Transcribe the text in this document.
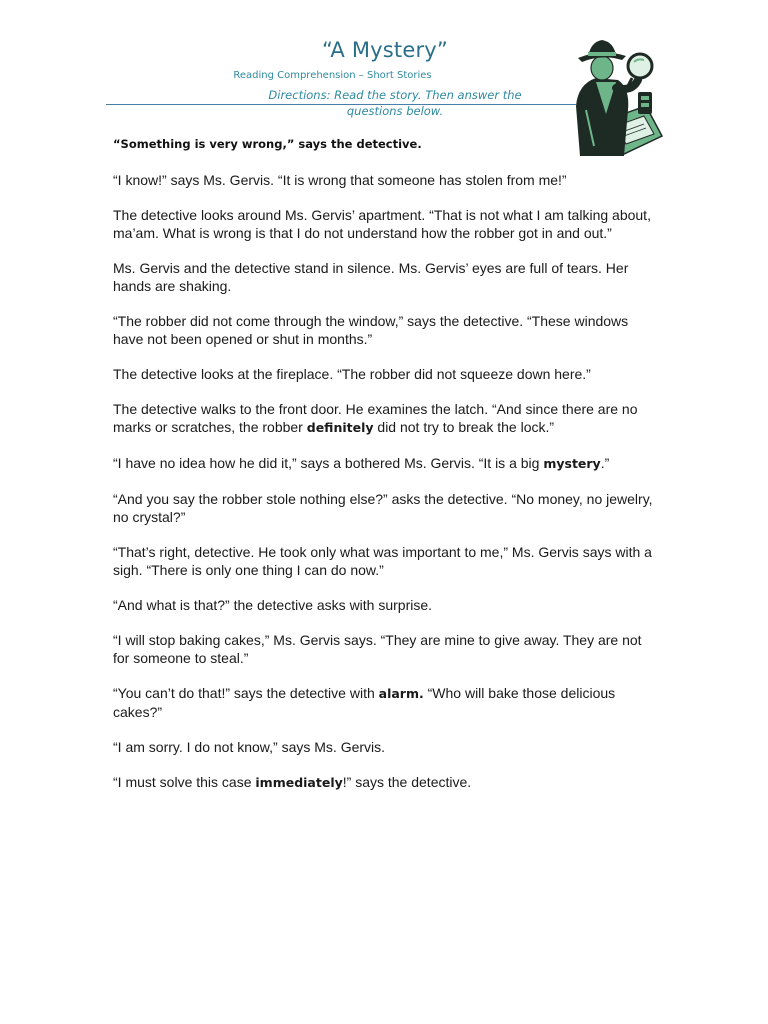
“A Mystery”
Reading Comprehension – Short Stories
Directions: Read the story. Then answer the questions below.
“Something is very wrong,” says the detective.

“I know!” says Ms. Gervis. “It is wrong that someone has stolen from me!”

The detective looks around Ms. Gervis’ apartment. “That is not what I am talking about, ma’am. What is wrong is that I do not understand how the robber got in and out.”

Ms. Gervis and the detective stand in silence. Ms. Gervis’ eyes are full of tears. Her hands are shaking.

“The robber did not come through the window,” says the detective. “These windows have not been opened or shut in months.”

The detective looks at the fireplace. “The robber did not squeeze down here.”

The detective walks to the front door. He examines the latch. “And since there are no marks or scratches, the robber definitely did not try to break the lock.”

“I have no idea how he did it,” says a bothered Ms. Gervis. “It is a big mystery.”

“And you say the robber stole nothing else?” asks the detective. “No money, no jewelry, no crystal?”

“That’s right, detective. He took only what was important to me,” Ms. Gervis says with a sigh. “There is only one thing I can do now.”

“And what is that?” the detective asks with surprise.

“I will stop baking cakes,” Ms. Gervis says. “They are mine to give away. They are not for someone to steal.”

“You can’t do that!” says the detective with alarm. “Who will bake those delicious cakes?”

“I am sorry. I do not know,” says Ms. Gervis.

“I must solve this case immediately!” says the detective.
